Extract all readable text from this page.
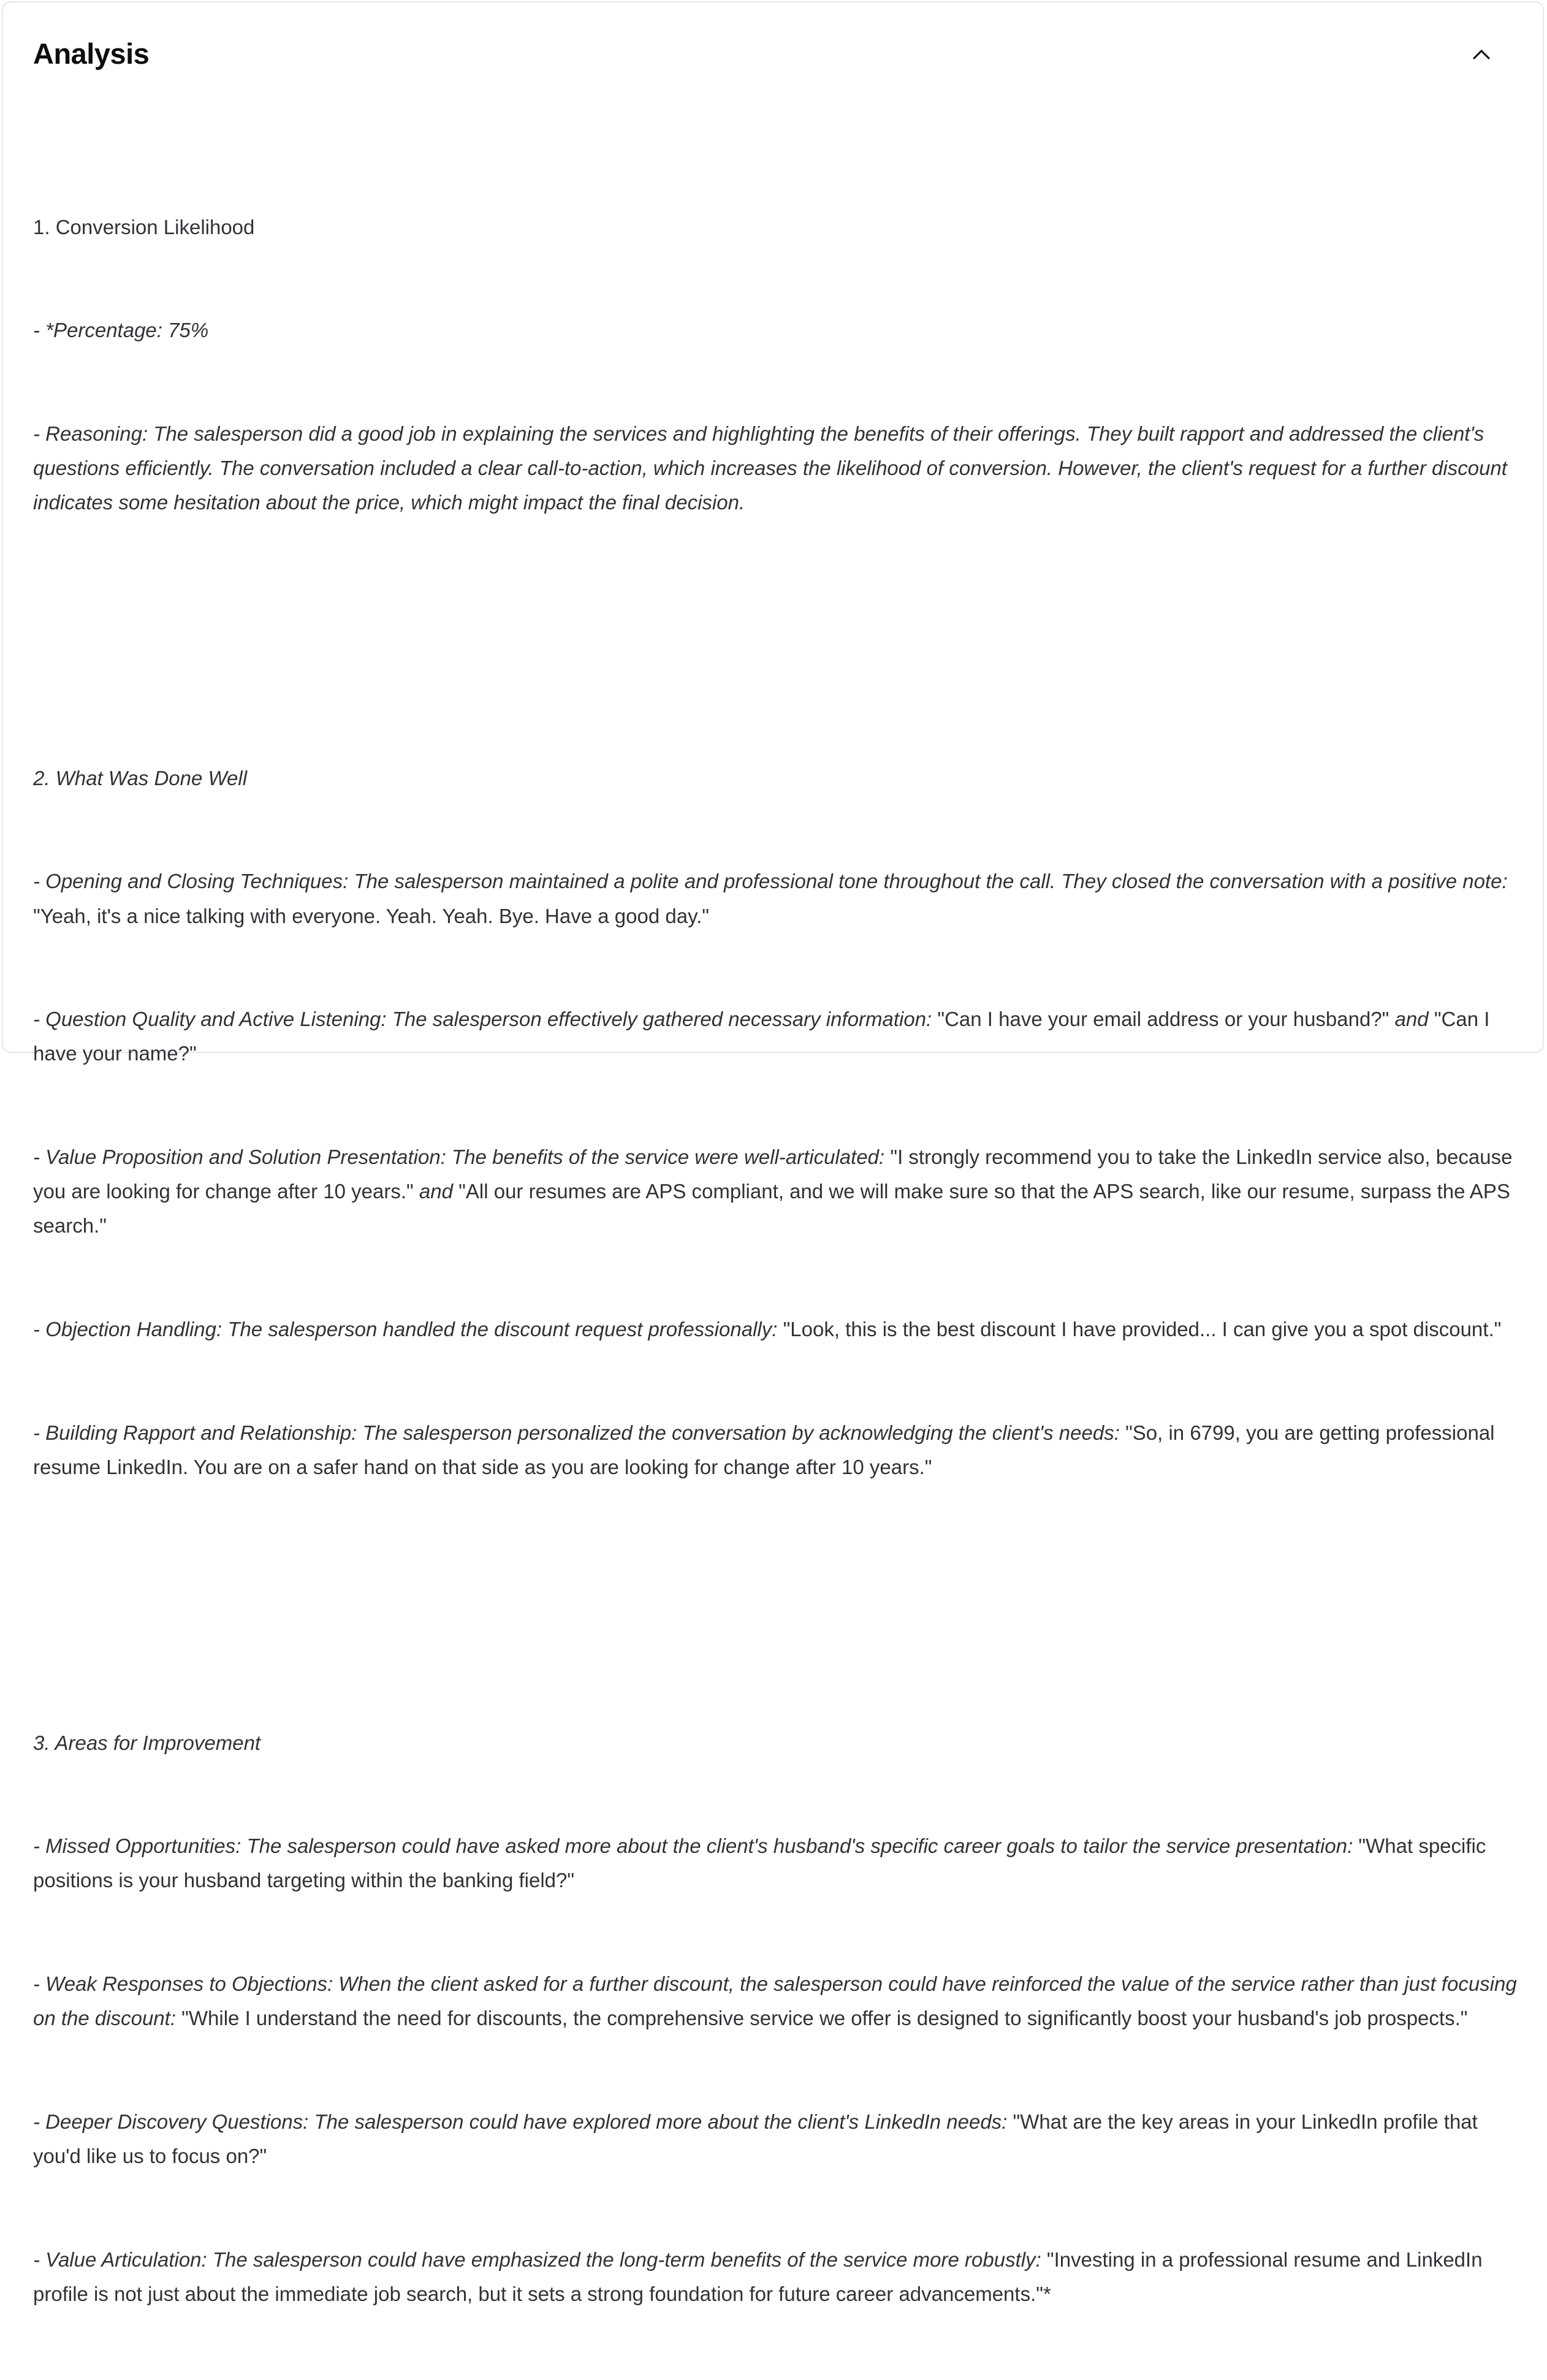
Analysis

1. Conversion Likelihood

- *Percentage: 75%

- Reasoning: The salesperson did a good job in explaining the services and highlighting the benefits of their offerings. They built rapport and addressed the client's questions efficiently. The conversation included a clear call-to-action, which increases the likelihood of conversion. However, the client's request for a further discount indicates some hesitation about the price, which might impact the final decision.

2. What Was Done Well

- Opening and Closing Techniques: The salesperson maintained a polite and professional tone throughout the call. They closed the conversation with a positive note: "Yeah, it's a nice talking with everyone. Yeah. Yeah. Bye. Have a good day."

- Question Quality and Active Listening: The salesperson effectively gathered necessary information: "Can I have your email address or your husband?" and "Can I have your name?"

- Value Proposition and Solution Presentation: The benefits of the service were well-articulated: "I strongly recommend you to take the LinkedIn service also, because you are looking for change after 10 years." and "All our resumes are APS compliant, and we will make sure so that the APS search, like our resume, surpass the APS search."

- Objection Handling: The salesperson handled the discount request professionally: "Look, this is the best discount I have provided... I can give you a spot discount."

- Building Rapport and Relationship: The salesperson personalized the conversation by acknowledging the client's needs: "So, in 6799, you are getting professional resume LinkedIn. You are on a safer hand on that side as you are looking for change after 10 years."

3. Areas for Improvement

- Missed Opportunities: The salesperson could have asked more about the client's husband's specific career goals to tailor the service presentation: "What specific positions is your husband targeting within the banking field?"

- Weak Responses to Objections: When the client asked for a further discount, the salesperson could have reinforced the value of the service rather than just focusing on the discount: "While I understand the need for discounts, the comprehensive service we offer is designed to significantly boost your husband's job prospects."

- Deeper Discovery Questions: The salesperson could have explored more about the client's LinkedIn needs: "What are the key areas in your LinkedIn profile that you'd like us to focus on?"

- Value Articulation: The salesperson could have emphasized the long-term benefits of the service more robustly: "Investing in a professional resume and LinkedIn profile is not just about the immediate job search, but it sets a strong foundation for future career advancements."*
